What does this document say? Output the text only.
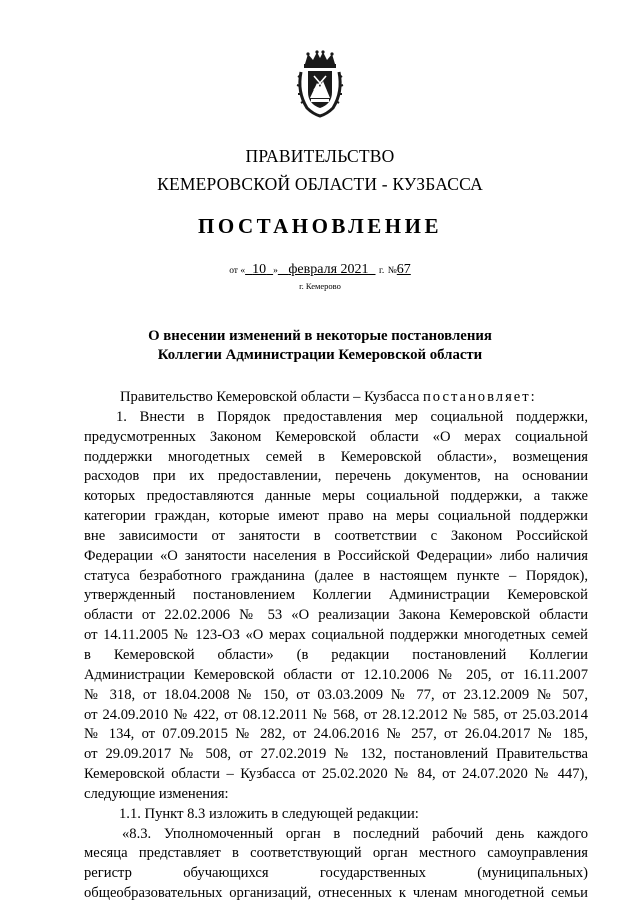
ПРАВИТЕЛЬСТВО
КЕМЕРОВСКОЙ ОБЛАСТИ - КУЗБАССА
ПОСТАНОВЛЕНИЕ
от « 10 » февраля 2021 г. №67
г. Кемерово
О внесении изменений в некоторые постановления
Коллегии Администрации Кемеровской области
Правительство Кемеровской области – Кузбасса постановляет:
1. Внести в Порядок предоставления мер социальной поддержки,
предусмотренных Законом Кемеровской области «О мерах социальной
поддержки многодетных семей в Кемеровской области», возмещения
расходов при их предоставлении, перечень документов, на основании
которых предоставляются данные меры социальной поддержки, а также
категории граждан, которые имеют право на меры социальной поддержки
вне зависимости от занятости в соответствии с Законом Российской
Федерации «О занятости населения в Российской Федерации» либо наличия
статуса безработного гражданина (далее в настоящем пункте – Порядок),
утвержденный постановлением Коллегии Администрации Кемеровской
области от 22.02.2006 № 53 «О реализации Закона Кемеровской области
от 14.11.2005 № 123-ОЗ «О мерах социальной поддержки многодетных семей
в Кемеровской области» (в редакции постановлений Коллегии
Администрации Кемеровской области от 12.10.2006 № 205, от 16.11.2007
№ 318, от 18.04.2008 № 150, от 03.03.2009 № 77, от 23.12.2009 № 507,
от 24.09.2010 № 422, от 08.12.2011 № 568, от 28.12.2012 № 585, от 25.03.2014
№ 134, от 07.09.2015 № 282, от 24.06.2016 № 257, от 26.04.2017 № 185,
от 29.09.2017 № 508, от 27.02.2019 № 132, постановлений Правительства
Кемеровской области – Кузбасса от 25.02.2020 № 84, от 24.07.2020 № 447),
следующие изменения:
1.1. Пункт 8.3 изложить в следующей редакции:
«8.3. Уполномоченный орган в последний рабочий день каждого
месяца представляет в соответствующий орган местного самоуправления
регистр обучающихся государственных (муниципальных)
общеобразовательных организаций, отнесенных к членам многодетной семьи
